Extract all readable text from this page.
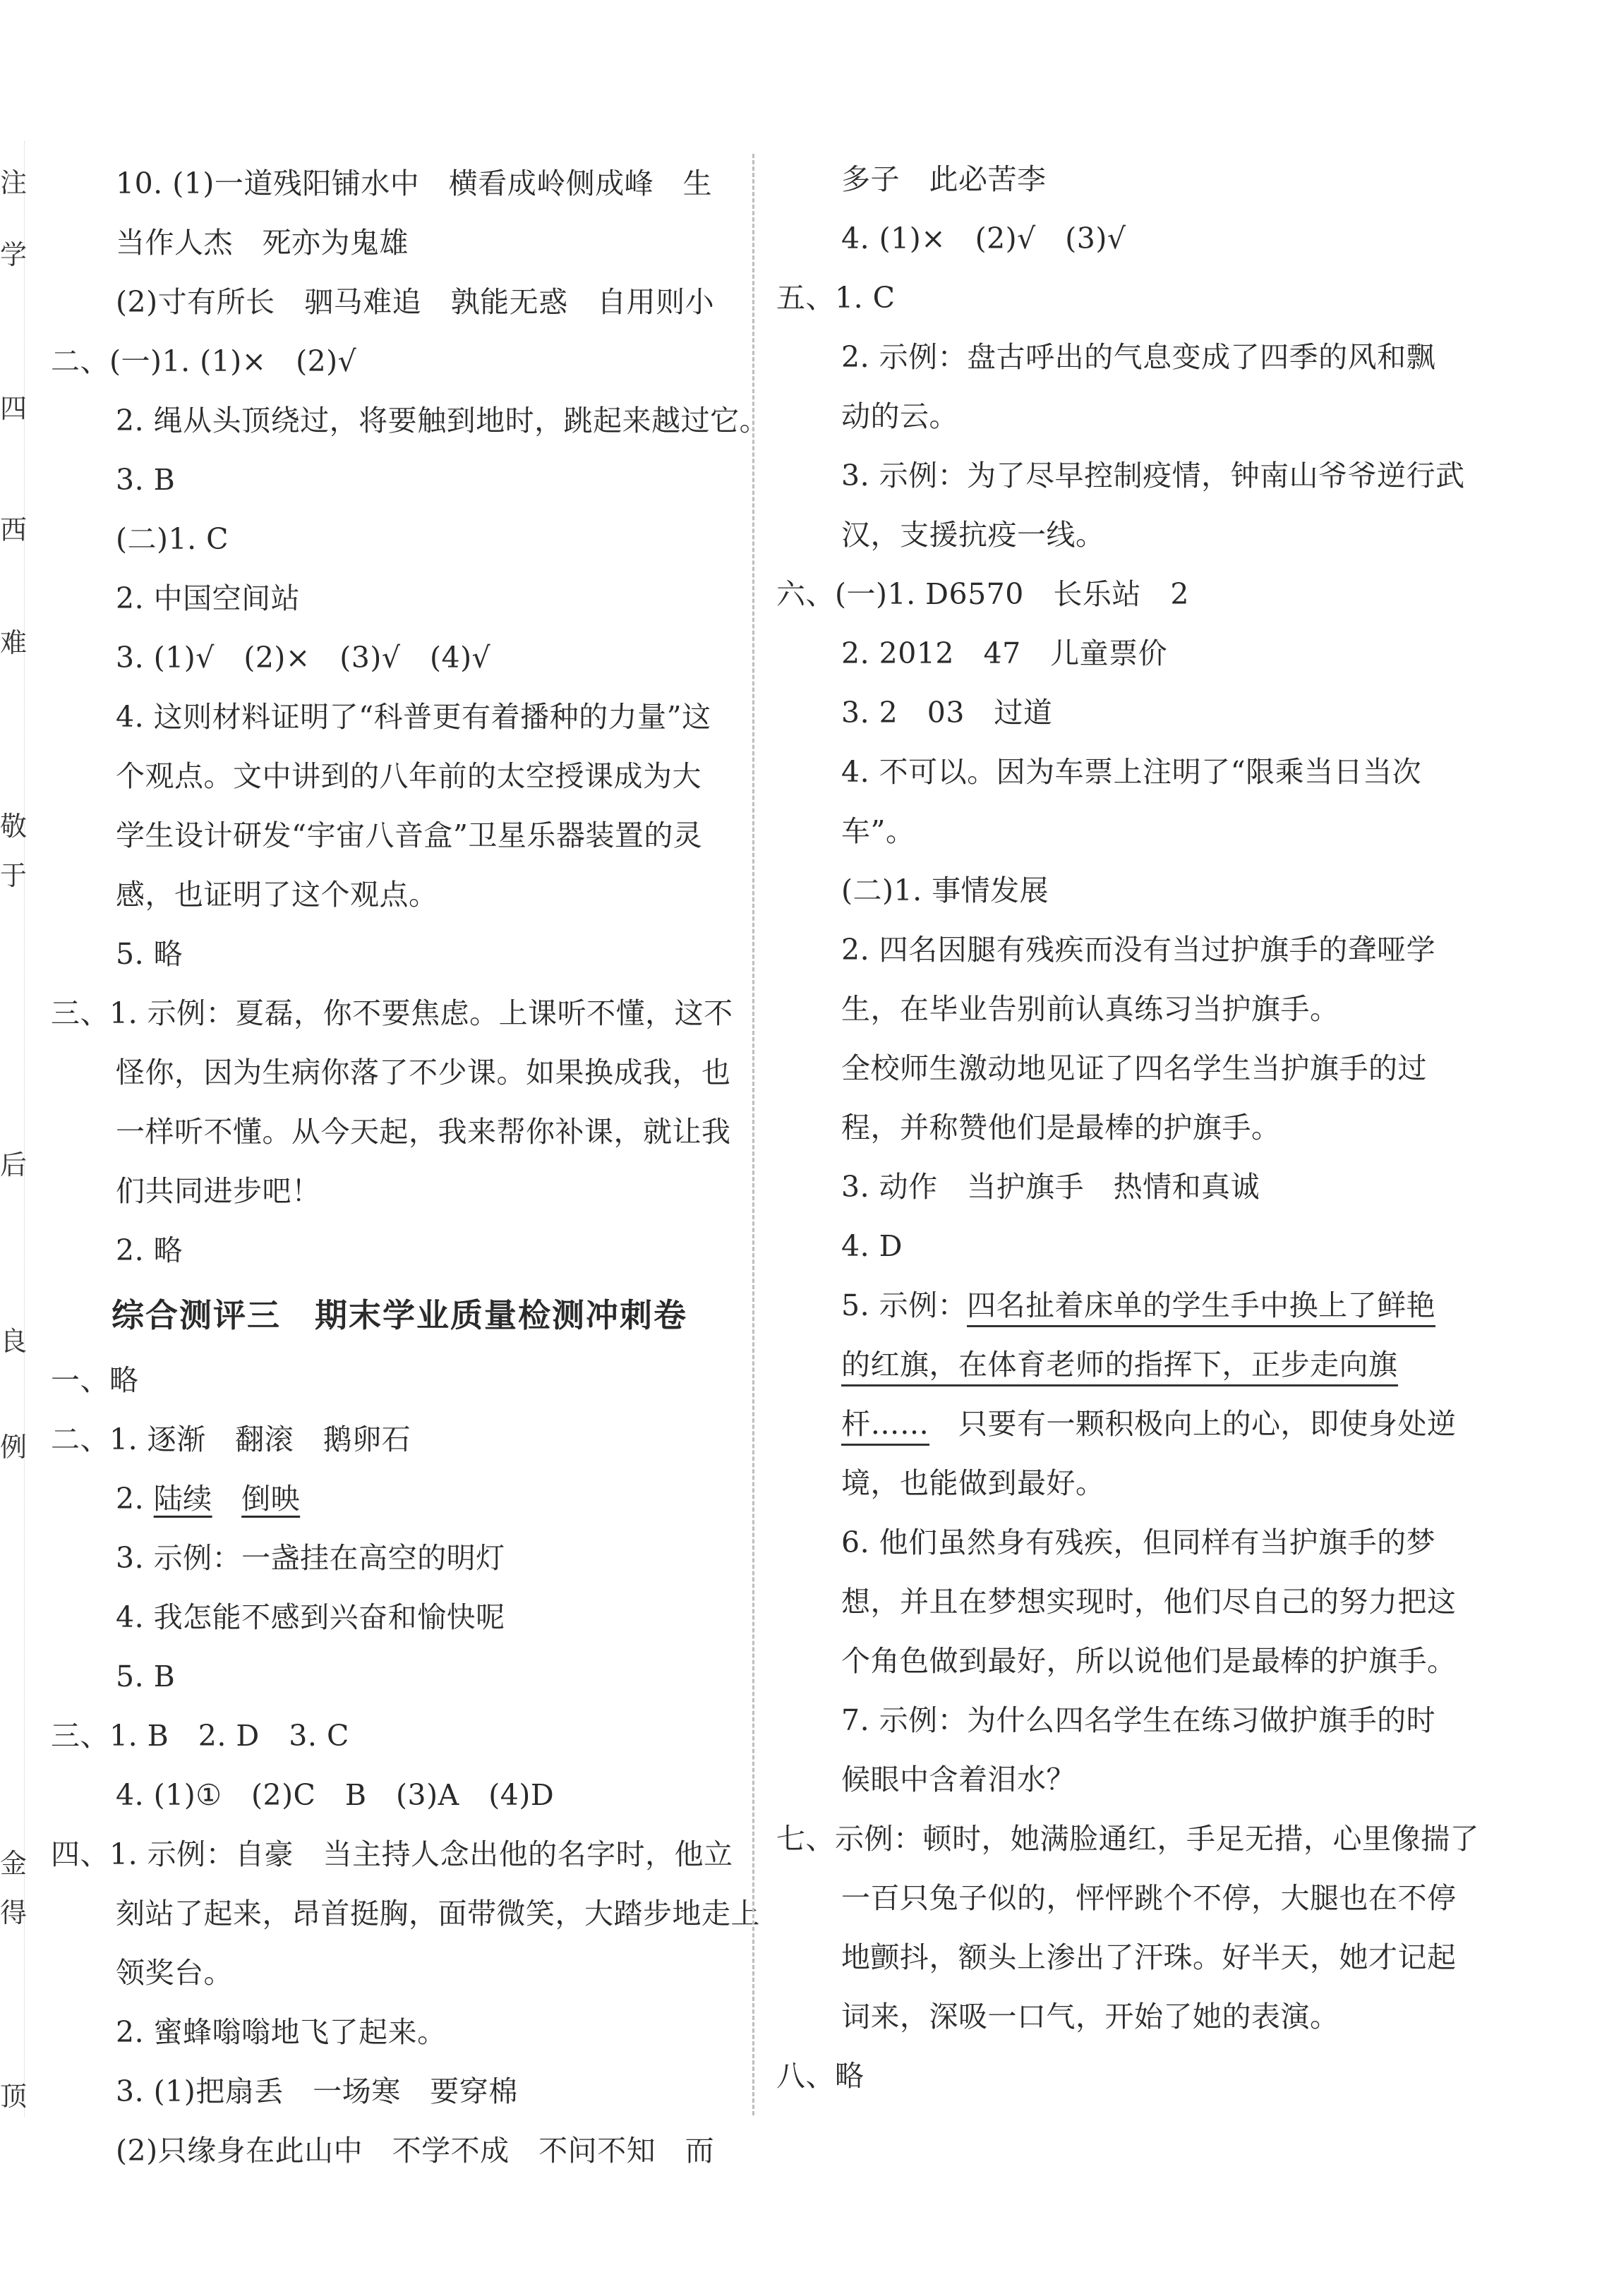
注
学
四
西
难
敬
于
后
良
例
金
得
顶
10. (1)一道残阳铺水中　横看成岭侧成峰　生
当作人杰　死亦为鬼雄
(2)寸有所长　驷马难追　孰能无惑　自用则小
二、(一)1. (1)×　(2)√
2. 绳从头顶绕过，将要触到地时，跳起来越过它。
3. B
(二)1. C
2. 中国空间站
3. (1)√　(2)×　(3)√　(4)√
4. 这则材料证明了“科普更有着播种的力量”这
个观点。文中讲到的八年前的太空授课成为大
学生设计研发“宇宙八音盒”卫星乐器装置的灵
感，也证明了这个观点。
5. 略
三、1. 示例：夏磊，你不要焦虑。上课听不懂，这不
怪你，因为生病你落了不少课。如果换成我，也
一样听不懂。从今天起，我来帮你补课，就让我
们共同进步吧！
2. 略
综合测评三　期末学业质量检测冲刺卷
一、略
二、1. 逐渐　翻滚　鹅卵石
2. 陆续　 倒映
3. 示例：一盏挂在高空的明灯
4. 我怎能不感到兴奋和愉快呢
5. B
三、1. B　2. D　3. C
4. (1)①　(2)C　B　(3)A　(4)D
四、1. 示例：自豪　当主持人念出他的名字时，他立
刻站了起来，昂首挺胸，面带微笑，大踏步地走上
领奖台。
2. 蜜蜂嗡嗡地飞了起来。
3. (1)把扇丢　一场寒　要穿棉
(2)只缘身在此山中　不学不成　不问不知　而
多子　此必苦李
4. (1)×　(2)√　(3)√
五、1. C
2. 示例：盘古呼出的气息变成了四季的风和飘
动的云。
3. 示例：为了尽早控制疫情，钟南山爷爷逆行武
汉，支援抗疫一线。
六、(一)1. D6570　长乐站　2
2. 2012　47　儿童票价
3. 2　03　过道
4. 不可以。因为车票上注明了“限乘当日当次
车”。
(二)1. 事情发展
2. 四名因腿有残疾而没有当过护旗手的聋哑学
生，在毕业告别前认真练习当护旗手。
全校师生激动地见证了四名学生当护旗手的过
程，并称赞他们是最棒的护旗手。
3. 动作　当护旗手　热情和真诚
4. D
5. 示例：四名扯着床单的学生手中换上了鲜艳
的红旗，在体育老师的指挥下，正步走向旗
杆……　只要有一颗积极向上的心，即使身处逆
境，也能做到最好。
6. 他们虽然身有残疾，但同样有当护旗手的梦
想，并且在梦想实现时，他们尽自己的努力把这
个角色做到最好，所以说他们是最棒的护旗手。
7. 示例：为什么四名学生在练习做护旗手的时
候眼中含着泪水？
七、示例：顿时，她满脸通红，手足无措，心里像揣了
一百只兔子似的，怦怦跳个不停，大腿也在不停
地颤抖，额头上渗出了汗珠。好半天，她才记起
词来，深吸一口气，开始了她的表演。
八、略
